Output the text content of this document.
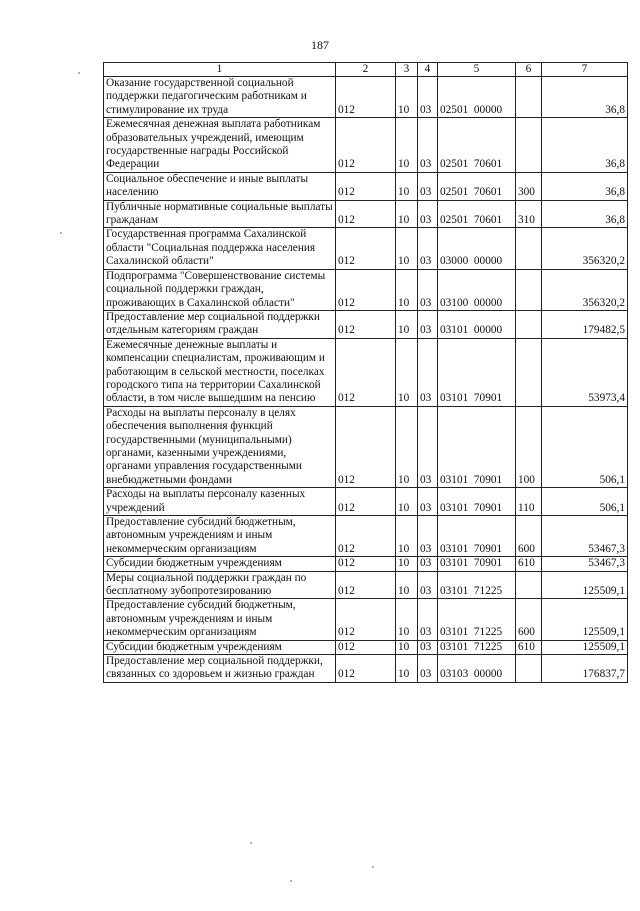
187
1	2	3	4	5	6	7
Оказание государственной социальной поддержки педагогическим работникам и стимулирование их труда	012	10	03	02501  00000		36,8
Ежемесячная денежная выплата работникам образовательных учреждений, имеющим государственные награды Российской Федерации	012	10	03	02501  70601		36,8
Социальное обеспечение и иные выплаты населению	012	10	03	02501  70601	300	36,8
Публичные нормативные социальные выплаты гражданам	012	10	03	02501  70601	310	36,8
Государственная программа Сахалинской области "Социальная поддержка населения Сахалинской области"	012	10	03	03000  00000		356320,2
Подпрограмма "Совершенствование системы социальной поддержки граждан, проживающих в Сахалинской области"	012	10	03	03100  00000		356320,2
Предоставление мер социальной поддержки отдельным категориям граждан	012	10	03	03101  00000		179482,5
Ежемесячные денежные выплаты и компенсации специалистам, проживающим и работающим в сельской местности, поселках городского типа на территории Сахалинской области, в том числе вышедшим на пенсию	012	10	03	03101  70901		53973,4
Расходы на выплаты персоналу в целях обеспечения выполнения функций государственными (муниципальными) органами, казенными учреждениями, органами управления государственными внебюджетными фондами	012	10	03	03101  70901	100	506,1
Расходы на выплаты персоналу казенных учреждений	012	10	03	03101  70901	110	506,1
Предоставление субсидий бюджетным, автономным учреждениям и иным некоммерческим организациям	012	10	03	03101  70901	600	53467,3
Субсидии бюджетным учреждениям	012	10	03	03101  70901	610	53467,3
Меры социальной поддержки граждан по бесплатному зубопротезированию	012	10	03	03101  71225		125509,1
Предоставление субсидий бюджетным, автономным учреждениям и иным некоммерческим организациям	012	10	03	03101  71225	600	125509,1
Субсидии бюджетным учреждениям	012	10	03	03101  71225	610	125509,1
Предоставление мер социальной поддержки, связанных со здоровьем и жизнью граждан	012	10	03	03103  00000		176837,7
